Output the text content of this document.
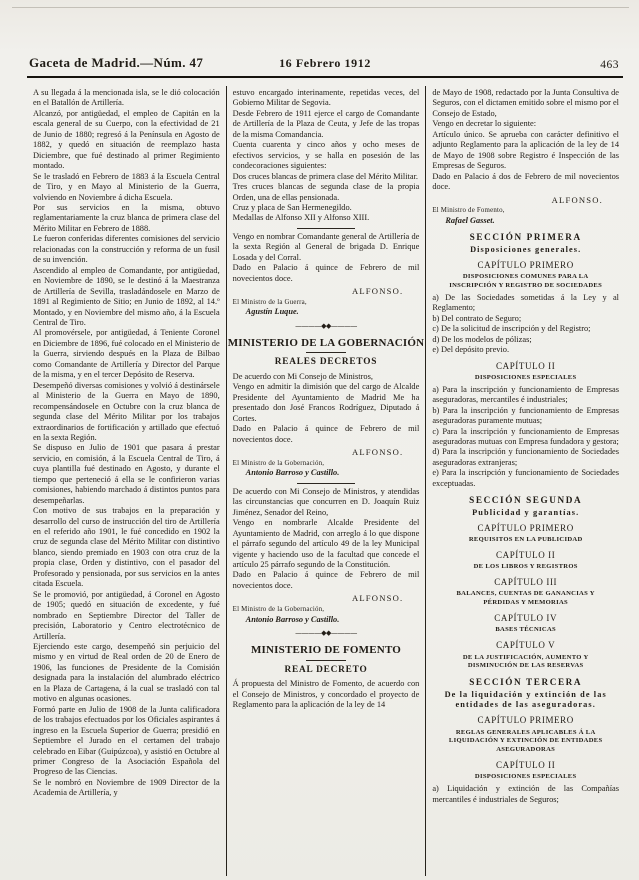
Gaceta de Madrid.—Núm. 47	16 Febrero 1912	463
A su llegada á la mencionada isla, se le dió colocación en el Batallón de Artillería.
Alcanzó, por antigüedad, el empleo de Capitán en la escala general de su Cuerpo, con la efectividad de 21 de Junio de 1880; regresó á la Península en Agosto de 1882, y quedó en situación de reemplazo hasta Diciembre, que fué destinado al primer Regimiento montado.
Se le trasladó en Febrero de 1883 á la Escuela Central de Tiro, y en Mayo al Ministerio de la Guerra, volviendo en Noviembre á dicha Escuela.
Por sus servicios en la misma, obtuvo reglamentariamente la cruz blanca de primera clase del Mérito Militar en Febrero de 1888.
Le fueron conferidas diferentes comisiones del servicio relacionadas con la construcción y reforma de un fusil de su invención.
Ascendido al empleo de Comandante, por antigüedad, en Noviembre de 1890, se le destinó á la Maestranza de Artillería de Sevilla, trasladándosele en Marzo de 1891 al Regimiento de Sitio; en Junio de 1892, al 14.º Montado, y en Noviembre del mismo año, á la Escuela Central de Tiro.
Al promovérsele, por antigüedad, á Teniente Coronel en Diciembre de 1896, fué colocado en el Ministerio de la Guerra, sirviendo después en la Plaza de Bilbao como Comandante de Artillería y Director del Parque de la misma, y en el tercer Depósito de Reserva.
Desempeñó diversas comisiones y volvió á destinársele al Ministerio de la Guerra en Mayo de 1890, recompensándosele en Octubre con la cruz blanca de segunda clase del Mérito Militar por los trabajos extraordinarios de fortificación y artillado que efectuó en la sexta Región.
Se dispuso en Julio de 1901 que pasara á prestar servicio, en comisión, á la Escuela Central de Tiro, á cuya plantilla fué destinado en Agosto, y durante el tiempo que perteneció á ella se le confirieron varias comisiones, habiendo marchado á distintos puntos para desempeñarlas.
Con motivo de sus trabajos en la preparación y desarrollo del curso de instrucción del tiro de Artillería en el referido año 1901, le fué concedido en 1902 la cruz de segunda clase del Mérito Militar con distintivo blanco, siendo premiado en 1903 con otra cruz de la propia clase, Orden y distintivo, con el pasador del Profesorado y pensionada, por sus servicios en la antes citada Escuela.
Se le promovió, por antigüedad, á Coronel en Agosto de 1905; quedó en situación de excedente, y fué nombrado en Septiembre Director del Taller de precisión, Laboratorio y Centro electrotécnico de Artillería.
Ejerciendo este cargo, desempeñó sin perjuicio del mismo y en virtud de Real orden de 20 de Enero de 1906, las funciones de Presidente de la Comisión designada para la instalación del alumbrado eléctrico en la Plaza de Cartagena, á la cual se trasladó con tal motivo en algunas ocasiones.
Formó parte en Julio de 1908 de la Junta calificadora de los trabajos efectuados por los Oficiales aspirantes á ingreso en la Escuela Superior de Guerra; presidió en Septiembre el Jurado en el certamen del trabajo celebrado en Eibar (Guipúzcoa), y asistió en Octubre al primer Congreso de la Asociación Española del Progreso de las Ciencias.
Se le nombró en Noviembre de 1909 Director de la Academia de Artillería, y
estuvo encargado interinamente, repetidas veces, del Gobierno Militar de Segovia.
Desde Febrero de 1911 ejerce el cargo de Comandante de Artillería de la Plaza de Ceuta, y Jefe de las tropas de la misma Comandancia.
Cuenta cuarenta y cinco años y ocho meses de efectivos servicios, y se halla en posesión de las condecoraciones siguientes:
Dos cruces blancas de primera clase del Mérito Militar.
Tres cruces blancas de segunda clase de la propia Orden, una de ellas pensionada.
Cruz y placa de San Hermenegildo.
Medallas de Alfonso XII y Alfonso XIII.
Vengo en nombrar Comandante general de Artillería de la sexta Región al General de brigada D. Enrique Losada y del Corral.
Dado en Palacio á quince de Febrero de mil novecientos doce.
ALFONSO.
El Ministro de la Guerra,
Agustín Luque.
————◆◆————
MINISTERIO DE LA GOBERNACIÓN
REALES DECRETOS
De acuerdo con Mi Consejo de Ministros,
Vengo en admitir la dimisión que del cargo de Alcalde Presidente del Ayuntamiento de Madrid Me ha presentado don José Francos Rodríguez, Diputado á Cortes.
Dado en Palacio á quince de Febrero de mil novecientos doce.
ALFONSO.
El Ministro de la Gobernación,
Antonio Barroso y Castillo.
De acuerdo con Mi Consejo de Ministros, y atendidas las circunstancias que concurren en D. Joaquín Ruiz Jiménez, Senador del Reino,
Vengo en nombrarle Alcalde Presidente del Ayuntamiento de Madrid, con arreglo á lo que dispone el párrafo segundo del artículo 49 de la ley Municipal vigente y haciendo uso de la facultad que concede el artículo 25 párrafo segundo de la Constitución.
Dado en Palacio á quince de Febrero de mil novecientos doce.
ALFONSO.
El Ministro de la Gobernación,
Antonio Barroso y Castillo.
————◆◆————
MINISTERIO DE FOMENTO
REAL DECRETO
Á propuesta del Ministro de Fomento, de acuerdo con el Consejo de Ministros, y concordado el proyecto de Reglamento para la aplicación de la ley de 14
de Mayo de 1908, redactado por la Junta Consultiva de Seguros, con el dictamen emitido sobre el mismo por el Consejo de Estado,
Vengo en decretar lo siguiente:
Artículo único. Se aprueba con carácter definitivo el adjunto Reglamento para la aplicación de la ley de 14 de Mayo de 1908 sobre Registro é Inspección de las Empresas de Seguros.
Dado en Palacio á dos de Febrero de mil novecientos doce.
ALFONSO.
El Ministro de Fomento,
Rafael Gasset.
SECCIÓN PRIMERA
Disposiciones generales.
CAPÍTULO PRIMERO
DISPOSICIONES COMUNES PARA LA INSCRIPCIÓN Y REGISTRO DE SOCIEDADES
a) De las Sociedades sometidas á la Ley y al Reglamento;
b) Del contrato de Seguro;
c) De la solicitud de inscripción y del Registro;
d) De los modelos de pólizas;
e) Del depósito previo.
CAPÍTULO II
DISPOSICIONES ESPECIALES
a) Para la inscripción y funcionamiento de Empresas aseguradoras, mercantiles é industriales;
b) Para la inscripción y funcionamiento de Empresas aseguradoras puramente mutuas;
c) Para la inscripción y funcionamiento de Empresas aseguradoras mutuas con Empresa fundadora y gestora;
d) Para la inscripción y funcionamiento de Sociedades aseguradoras extranjeras;
e) Para la inscripción y funcionamiento de Sociedades exceptuadas.
SECCIÓN SEGUNDA
Publicidad y garantías.
CAPÍTULO PRIMERO
REQUISITOS EN LA PUBLICIDAD
CAPÍTULO II
DE LOS LIBROS Y REGISTROS
CAPÍTULO III
BALANCES, CUENTAS DE GANANCIAS Y PÉRDIDAS Y MEMORIAS
CAPÍTULO IV
BASES TÉCNICAS
CAPÍTULO V
DE LA JUSTIFICACIÓN, AUMENTO Y DISMINUCIÓN DE LAS RESERVAS
SECCIÓN TERCERA
De la liquidación y extinción de las entidades de las aseguradoras.
CAPÍTULO PRIMERO
REGLAS GENERALES APLICABLES Á LA LIQUIDACIÓN Y EXTINCIÓN DE ENTIDADES ASEGURADORAS
CAPÍTULO II
DISPOSICIONES ESPECIALES
a) Liquidación y extinción de las Compañías mercantiles é industriales de Seguros;
